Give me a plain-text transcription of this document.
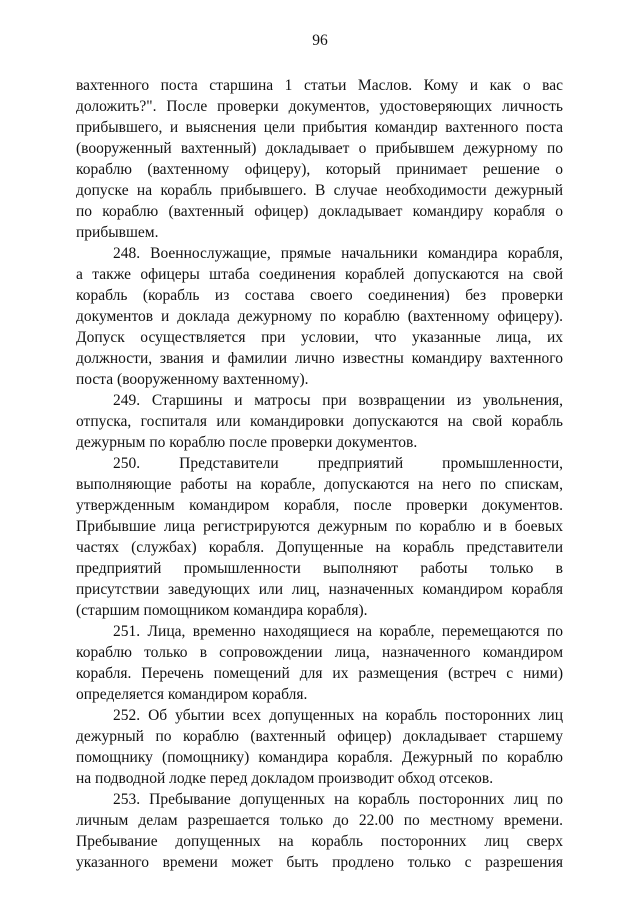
96
вахтенного поста старшина 1 статьи Маслов. Кому и как о вас
доложить?". После проверки документов, удостоверяющих личность
прибывшего, и выяснения цели прибытия командир вахтенного поста
(вооруженный вахтенный) докладывает о прибывшем дежурному по
кораблю (вахтенному офицеру), который принимает решение о
допуске на корабль прибывшего. В случае необходимости дежурный
по кораблю (вахтенный офицер) докладывает командиру корабля о
прибывшем.
248. Военнослужащие, прямые начальники командира корабля,
а также офицеры штаба соединения кораблей допускаются на свой
корабль (корабль из состава своего соединения) без проверки
документов и доклада дежурному по кораблю (вахтенному офицеру).
Допуск осуществляется при условии, что указанные лица, их
должности, звания и фамилии лично известны командиру вахтенного
поста (вооруженному вахтенному).
249. Старшины и матросы при возвращении из увольнения,
отпуска, госпиталя или командировки допускаются на свой корабль
дежурным по кораблю после проверки документов.
250. Представители предприятий промышленности,
выполняющие работы на корабле, допускаются на него по спискам,
утвержденным командиром корабля, после проверки документов.
Прибывшие лица регистрируются дежурным по кораблю и в боевых
частях (службах) корабля. Допущенные на корабль представители
предприятий промышленности выполняют работы только в
присутствии заведующих или лиц, назначенных командиром корабля
(старшим помощником командира корабля).
251. Лица, временно находящиеся на корабле, перемещаются по
кораблю только в сопровождении лица, назначенного командиром
корабля. Перечень помещений для их размещения (встреч с ними)
определяется командиром корабля.
252. Об убытии всех допущенных на корабль посторонних лиц
дежурный по кораблю (вахтенный офицер) докладывает старшему
помощнику (помощнику) командира корабля. Дежурный по кораблю
на подводной лодке перед докладом производит обход отсеков.
253. Пребывание допущенных на корабль посторонних лиц по
личным делам разрешается только до 22.00 по местному времени.
Пребывание допущенных на корабль посторонних лиц сверх
указанного времени может быть продлено только с разрешения
